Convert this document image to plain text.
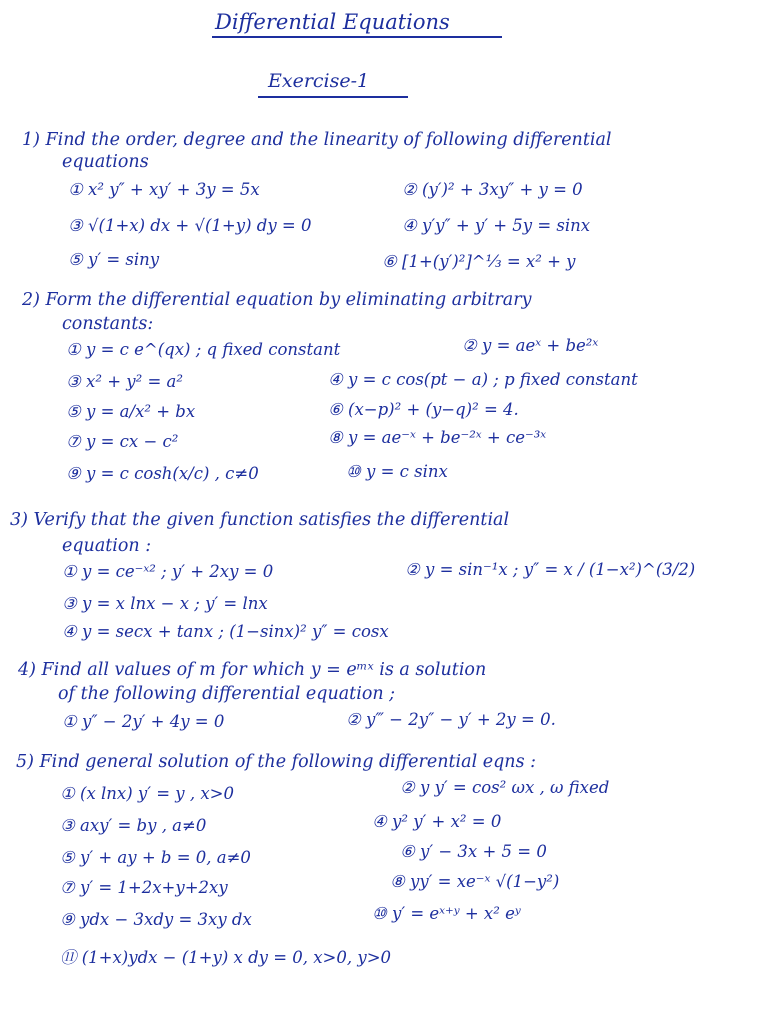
Differential Equations
Exercise-1
1) Find the order, degree and the linearity of following differential
equations
① x² y″ + xy′ + 3y = 5x	② (y′)² + 3xy″ + y = 0
③ √(1+x) dx + √(1+y) dy = 0	④ y′y″ + y′ + 5y = sinx
⑤ y′ = siny	⑥ [1+(y′)²]^⅓ = x² + y
2) Form the differential equation by eliminating arbitrary
constants:
① y = c e^(qx) ; q fixed constant	② y = aeˣ + be²ˣ
③ x² + y² = a²	④ y = c cos(pt − a) ; p fixed constant
⑤ y = a/x² + bx	⑥ (x−p)² + (y−q)² = 4.
⑦ y = cx − c²	⑧ y = ae⁻ˣ + be⁻²ˣ + ce⁻³ˣ
⑨ y = c cosh(x/c) , c≠0	⑩ y = c sinx
3) Verify that the given function satisfies the differential
equation :
① y = ce⁻ˣ² ; y′ + 2xy = 0	② y = sin⁻¹x ; y″ = x / (1−x²)^(3/2)
③ y = x lnx − x ; y′ = lnx
④ y = secx + tanx ; (1−sinx)² y″ = cosx
4) Find all values of m for which y = eᵐˣ is a solution
of the following differential equation ;
① y″ − 2y′ + 4y = 0	② y‴ − 2y″ − y′ + 2y = 0.
5) Find general solution of the following differential eqns :
① (x lnx) y′ = y , x>0	② y y′ = cos² ωx , ω fixed
③ axy′ = by , a≠0	④ y² y′ + x² = 0
⑤ y′ + ay + b = 0, a≠0	⑥ y′ − 3x + 5 = 0
⑦ y′ = 1+2x+y+2xy	⑧ yy′ = xe⁻ˣ √(1−y²)
⑨ ydx − 3xdy = 3xy dx	⑩ y′ = eˣ⁺ʸ + x² eʸ
⑪ (1+x)ydx − (1+y) x dy = 0, x>0, y>0
